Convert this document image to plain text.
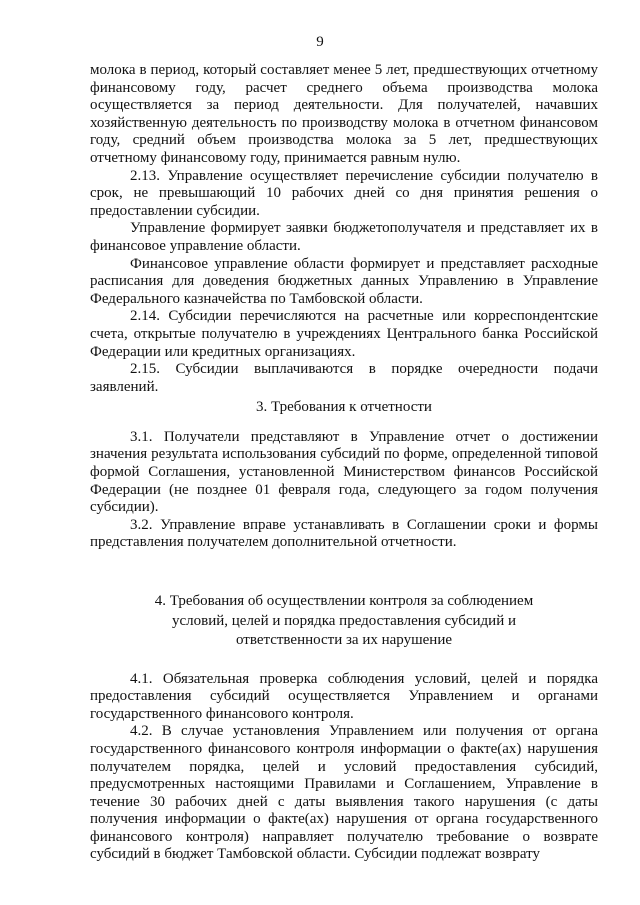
9

молока в период, который составляет менее 5 лет, предшествующих отчетному финансовому году, расчет среднего объема производства молока осуществляется за период деятельности. Для получателей, начавших хозяйственную деятельность по производству молока в отчетном финансовом году, средний объем производства молока за 5 лет, предшествующих отчетному финансовому году, принимается равным нулю.

2.13. Управление осуществляет перечисление субсидии получателю в срок, не превышающий 10 рабочих дней со дня принятия решения о предоставлении субсидии.

Управление формирует заявки бюджетополучателя и представляет их в финансовое управление области.

Финансовое управление области формирует и представляет расходные расписания для доведения бюджетных данных Управлению в Управление Федерального казначейства по Тамбовской области.

2.14. Субсидии перечисляются на расчетные или корреспондентские счета, открытые получателю в учреждениях Центрального банка Российской Федерации или кредитных организациях.

2.15. Субсидии выплачиваются в порядке очередности подачи заявлений.

3. Требования к отчетности

3.1. Получатели представляют в Управление отчет о достижении значения результата использования субсидий по форме, определенной типовой формой Соглашения, установленной Министерством финансов Российской Федерации (не позднее 01 февраля года, следующего за годом получения субсидии).

3.2. Управление вправе устанавливать в Соглашении сроки и формы представления получателем дополнительной отчетности.

4. Требования об осуществлении контроля за соблюдением
условий, целей и порядка предоставления субсидий и
ответственности за их нарушение

4.1. Обязательная проверка соблюдения условий, целей и порядка предоставления субсидий осуществляется Управлением и органами государственного финансового контроля.

4.2. В случае установления Управлением или получения от органа государственного финансового контроля информации о факте(ах) нарушения получателем порядка, целей и условий предоставления субсидий, предусмотренных настоящими Правилами и Соглашением, Управление в течение 30 рабочих дней с даты выявления такого нарушения (с даты получения информации о факте(ах) нарушения от органа государственного финансового контроля) направляет получателю требование о возврате субсидий в бюджет Тамбовской области. Субсидии подлежат возврату
